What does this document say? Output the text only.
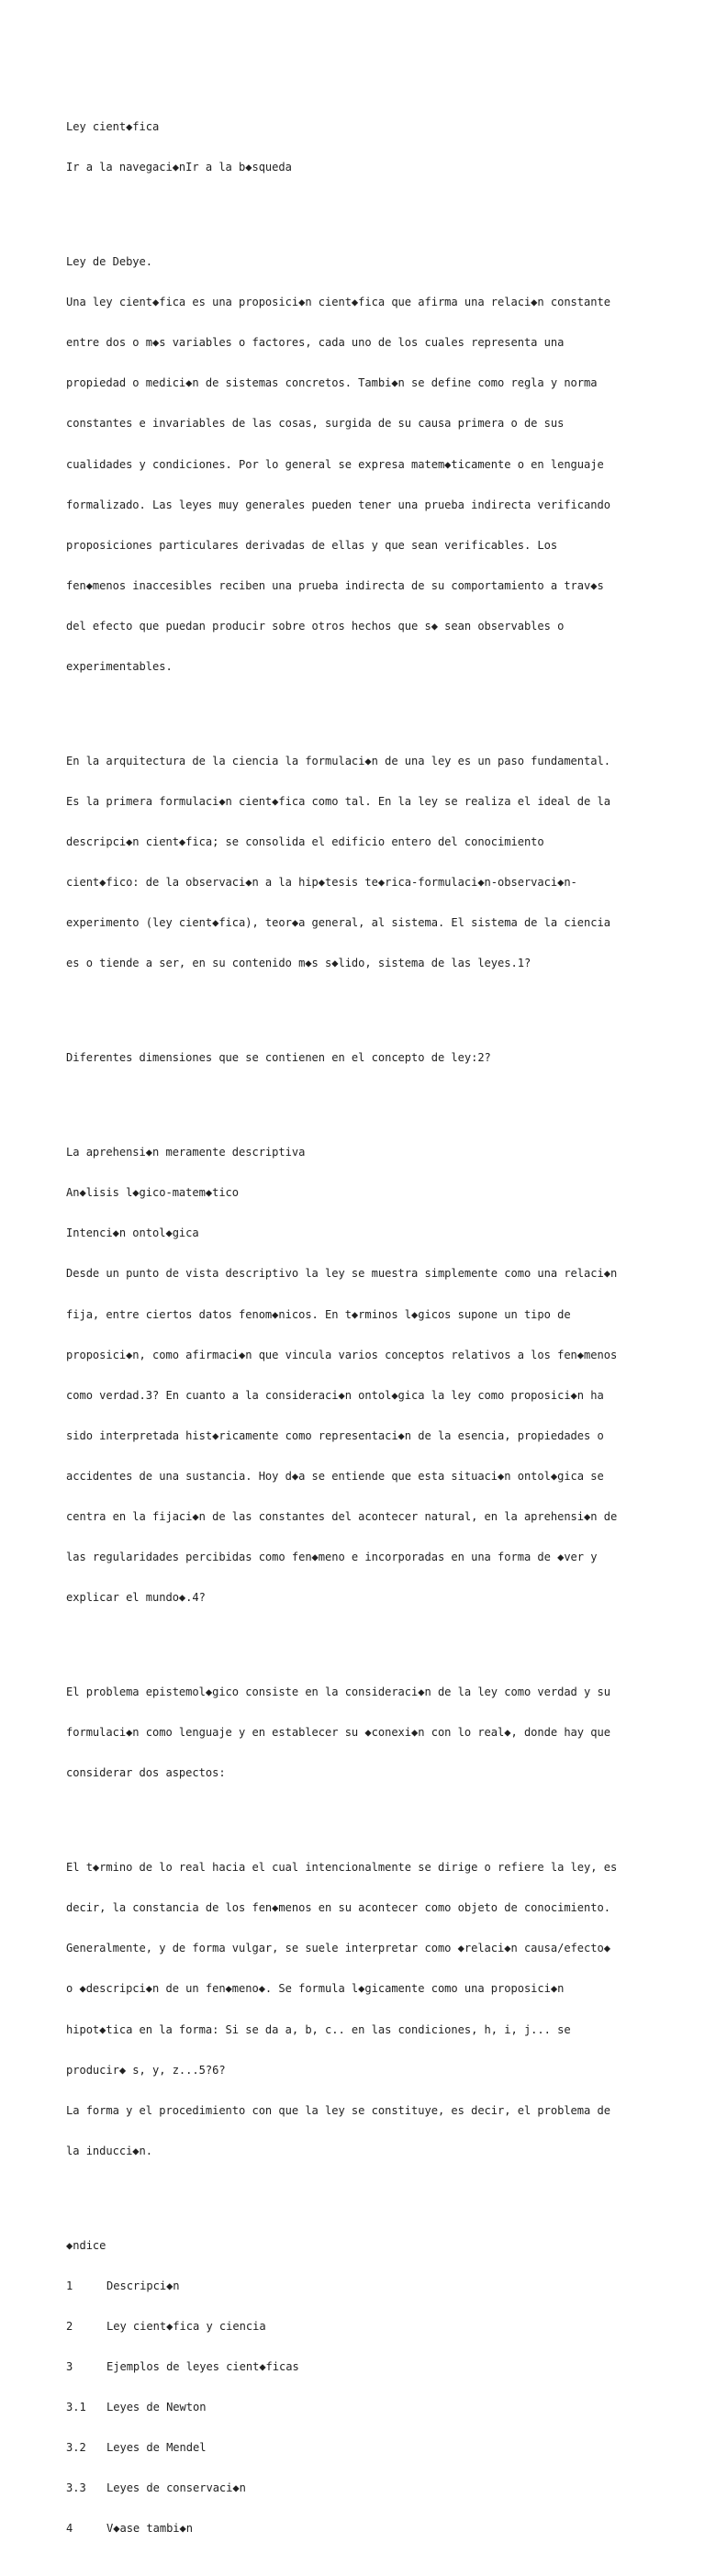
Ley cient◆fica

Ir a la navegaci◆nIr a la b◆squeda

Ley de Debye.

Una ley cient◆fica es una proposici◆n cient◆fica que afirma una relaci◆n constante

entre dos o m◆s variables o factores, cada uno de los cuales representa una

propiedad o medici◆n de sistemas concretos. Tambi◆n se define como regla y norma

constantes e invariables de las cosas, surgida de su causa primera o de sus

cualidades y condiciones. Por lo general se expresa matem◆ticamente o en lenguaje

formalizado. Las leyes muy generales pueden tener una prueba indirecta verificando

proposiciones particulares derivadas de ellas y que sean verificables. Los

fen◆menos inaccesibles reciben una prueba indirecta de su comportamiento a trav◆s

del efecto que puedan producir sobre otros hechos que s◆ sean observables o

experimentables.

En la arquitectura de la ciencia la formulaci◆n de una ley es un paso fundamental.

Es la primera formulaci◆n cient◆fica como tal. En la ley se realiza el ideal de la

descripci◆n cient◆fica; se consolida el edificio entero del conocimiento

cient◆fico: de la observaci◆n a la hip◆tesis te◆rica-formulaci◆n-observaci◆n-

experimento (ley cient◆fica), teor◆a general, al sistema. El sistema de la ciencia

es o tiende a ser, en su contenido m◆s s◆lido, sistema de las leyes.1?

Diferentes dimensiones que se contienen en el concepto de ley:2?

La aprehensi◆n meramente descriptiva

An◆lisis l◆gico-matem◆tico

Intenci◆n ontol◆gica

Desde un punto de vista descriptivo la ley se muestra simplemente como una relaci◆n

fija, entre ciertos datos fenom◆nicos. En t◆rminos l◆gicos supone un tipo de

proposici◆n, como afirmaci◆n que vincula varios conceptos relativos a los fen◆menos

como verdad.3? En cuanto a la consideraci◆n ontol◆gica la ley como proposici◆n ha

sido interpretada hist◆ricamente como representaci◆n de la esencia, propiedades o

accidentes de una sustancia. Hoy d◆a se entiende que esta situaci◆n ontol◆gica se

centra en la fijaci◆n de las constantes del acontecer natural, en la aprehensi◆n de

las regularidades percibidas como fen◆meno e incorporadas en una forma de ◆ver y

explicar el mundo◆.4?

El problema epistemol◆gico consiste en la consideraci◆n de la ley como verdad y su

formulaci◆n como lenguaje y en establecer su ◆conexi◆n con lo real◆, donde hay que

considerar dos aspectos:

El t◆rmino de lo real hacia el cual intencionalmente se dirige o refiere la ley, es

decir, la constancia de los fen◆menos en su acontecer como objeto de conocimiento.

Generalmente, y de forma vulgar, se suele interpretar como ◆relaci◆n causa/efecto◆

o ◆descripci◆n de un fen◆meno◆. Se formula l◆gicamente como una proposici◆n

hipot◆tica en la forma: Si se da a, b, c.. en las condiciones, h, i, j... se

producir◆ s, y, z...5?6?

La forma y el procedimiento con que la ley se constituye, es decir, el problema de

la inducci◆n.

◆ndice

1	Descripci◆n

2	Ley cient◆fica y ciencia

3	Ejemplos de leyes cient◆ficas

3.1	Leyes de Newton

3.2	Leyes de Mendel

3.3	Leyes de conservaci◆n

4	V◆ase tambi◆n
